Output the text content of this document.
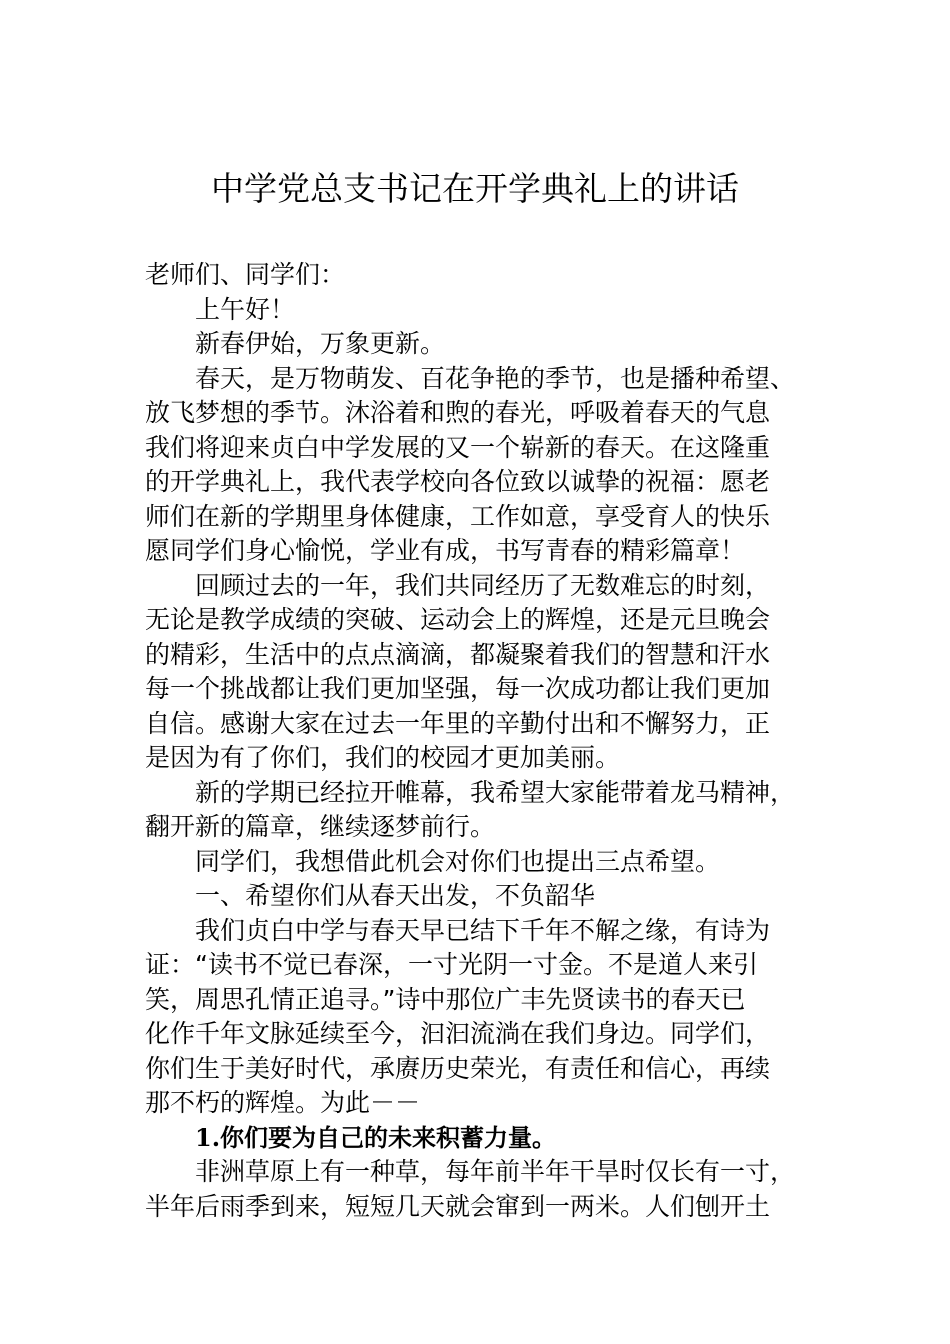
中学党总支书记在开学典礼上的讲话
老师们、同学们：
上午好！
新春伊始，万象更新。
春天，是万物萌发、百花争艳的季节，也是播种希望、
放飞梦想的季节。沐浴着和煦的春光，呼吸着春天的气息
我们将迎来贞白中学发展的又一个崭新的春天。在这隆重
的开学典礼上，我代表学校向各位致以诚挚的祝福：愿老
师们在新的学期里身体健康，工作如意，享受育人的快乐
愿同学们身心愉悦，学业有成，书写青春的精彩篇章！
回顾过去的一年，我们共同经历了无数难忘的时刻，
无论是教学成绩的突破、运动会上的辉煌，还是元旦晚会
的精彩，生活中的点点滴滴，都凝聚着我们的智慧和汗水
每一个挑战都让我们更加坚强，每一次成功都让我们更加
自信。感谢大家在过去一年里的辛勤付出和不懈努力，正
是因为有了你们，我们的校园才更加美丽。
新的学期已经拉开帷幕，我希望大家能带着龙马精神，
翻开新的篇章，继续逐梦前行。
同学们，我想借此机会对你们也提出三点希望。
一、希望你们从春天出发，不负韶华
我们贞白中学与春天早已结下千年不解之缘，有诗为
证：“读书不觉已春深，一寸光阴一寸金。不是道人来引
笑，周思孔情正追寻。”诗中那位广丰先贤读书的春天已
化作千年文脉延续至今，汩汩流淌在我们身边。同学们，
你们生于美好时代，承赓历史荣光，有责任和信心，再续
那不朽的辉煌。为此－－
1.你们要为自己的未来积蓄力量。
非洲草原上有一种草，每年前半年干旱时仅长有一寸，
半年后雨季到来，短短几天就会窜到一两米。人们刨开土
